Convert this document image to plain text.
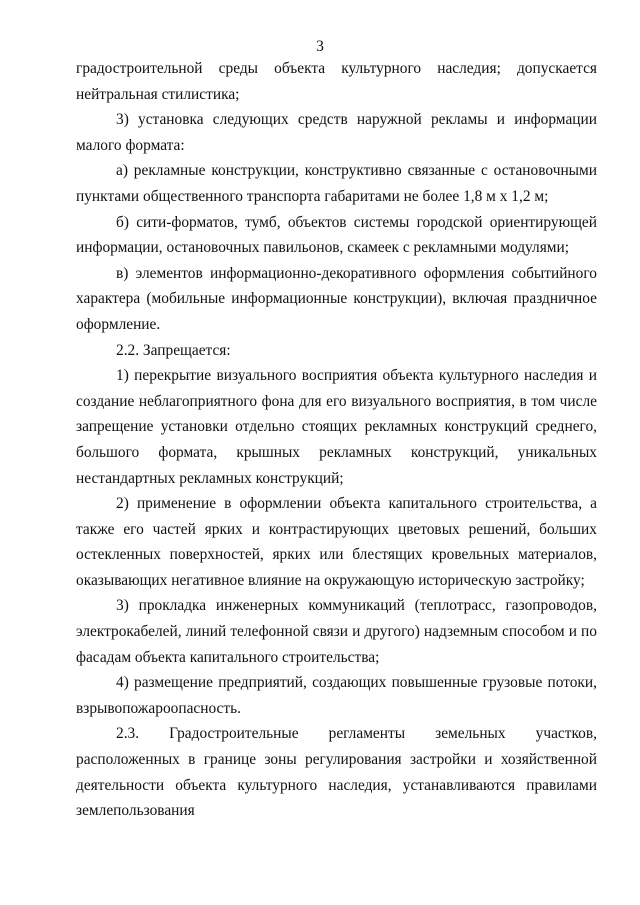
3

градостроительной среды объекта культурного наследия; допускается нейтральная стилистика;

3) установка следующих средств наружной рекламы и информации малого формата:

а) рекламные конструкции, конструктивно связанные с остановочными пунктами общественного транспорта габаритами не более 1,8 м х 1,2 м;

б) сити-форматов, тумб, объектов системы городской ориентирующей информации, остановочных павильонов, скамеек с рекламными модулями;

в) элементов информационно-декоративного оформления событийного характера (мобильные информационные конструкции), включая праздничное оформление.

2.2. Запрещается:

1) перекрытие визуального восприятия объекта культурного наследия и создание неблагоприятного фона для его визуального восприятия, в том числе запрещение установки отдельно стоящих рекламных конструкций среднего, большого формата, крышных рекламных конструкций, уникальных нестандартных рекламных конструкций;

2) применение в оформлении объекта капитального строительства, а также его частей ярких и контрастирующих цветовых решений, больших остекленных поверхностей, ярких или блестящих кровельных материалов, оказывающих негативное влияние на окружающую историческую застройку;

3) прокладка инженерных коммуникаций (теплотрасс, газопроводов, электрокабелей, линий телефонной связи и другого) надземным способом и по фасадам объекта капитального строительства;

4) размещение предприятий, создающих повышенные грузовые потоки, взрывопожароопасность.

2.3. Градостроительные регламенты земельных участков, расположенных в границе зоны регулирования застройки и хозяйственной деятельности объекта культурного наследия, устанавливаются правилами землепользования
